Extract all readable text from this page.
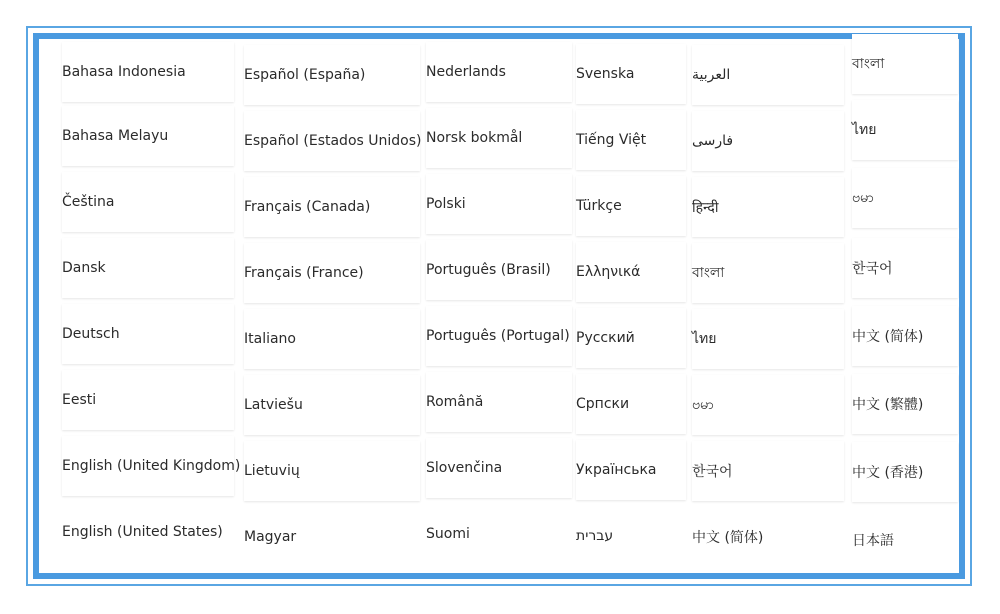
Bahasa Indonesia
Bahasa Melayu
Čeština
Dansk
Deutsch
Eesti
English (United Kingdom)
English (United States)
Español (España)
Español (Estados Unidos)
Français (Canada)
Français (France)
Italiano
Latviešu
Lietuvių
Magyar
Nederlands
Norsk bokmål
Polski
Português (Brasil)
Português (Portugal)
Română
Slovenčina
Suomi
Svenska
Tiếng Việt
Türkçe
Ελληνικά
Русский
Српски
Українська
עברית
العربية
فارسی
हिन्दी
বাংলা
ไทย
ဗမာ
한국어
中文 (简体)
বাংলা
ไทย
ဗမာ
한국어
中文 (简体)
中文 (繁體)
中文 (香港)
日本語
